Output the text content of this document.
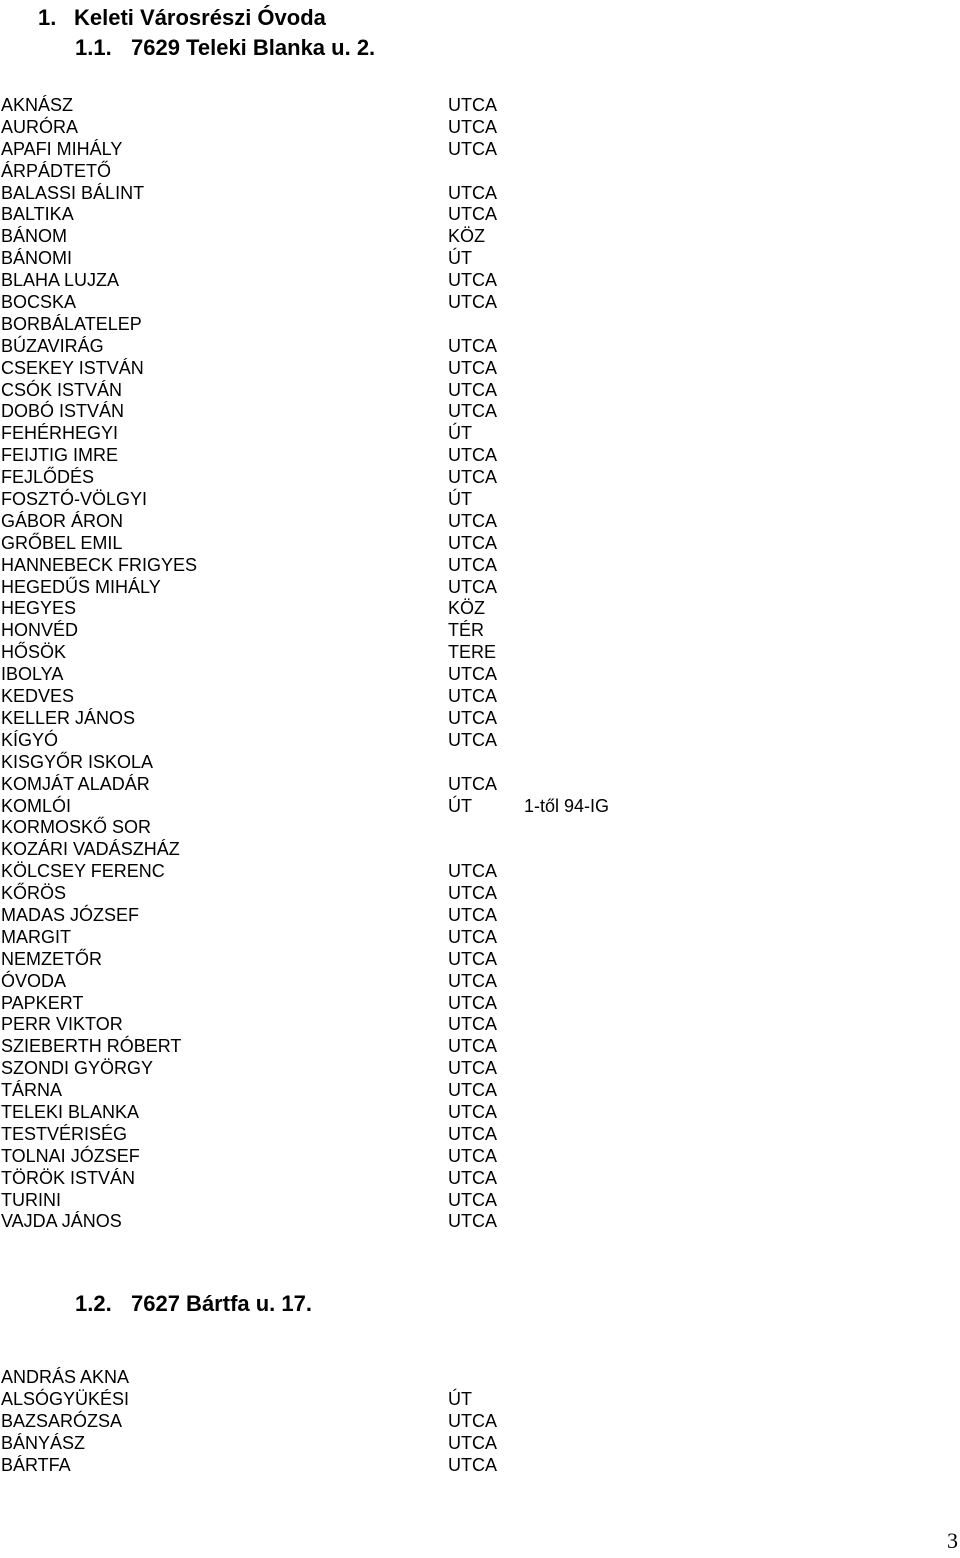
1. Keleti Városrészi Óvoda
1.1. 7629 Teleki Blanka u. 2.
AKNÁSZ	UTCA
AURÓRA	UTCA
APAFI MIHÁLY	UTCA
ÁRPÁDTETŐ
BALASSI BÁLINT	UTCA
BALTIKA	UTCA
BÁNOM	KÖZ
BÁNOMI	ÚT
BLAHA LUJZA	UTCA
BOCSKA	UTCA
BORBÁLATELEP
BÚZAVIRÁG	UTCA
CSEKEY ISTVÁN	UTCA
CSÓK ISTVÁN	UTCA
DOBÓ ISTVÁN	UTCA
FEHÉRHEGYI	ÚT
FEIJTIG IMRE	UTCA
FEJLŐDÉS	UTCA
FOSZTÓ-VÖLGYI	ÚT
GÁBOR ÁRON	UTCA
GRŐBEL EMIL	UTCA
HANNEBECK FRIGYES	UTCA
HEGEDŰS MIHÁLY	UTCA
HEGYES	KÖZ
HONVÉD	TÉR
HŐSÖK	TERE
IBOLYA	UTCA
KEDVES	UTCA
KELLER JÁNOS	UTCA
KÍGYÓ	UTCA
KISGYŐR ISKOLA
KOMJÁT ALADÁR	UTCA
KOMLÓI	ÚT	1-től 94-IG
KORMOSKŐ SOR
KOZÁRI VADÁSZHÁZ
KÖLCSEY FERENC	UTCA
KŐRÖS	UTCA
MADAS JÓZSEF	UTCA
MARGIT	UTCA
NEMZETŐR	UTCA
ÓVODA	UTCA
PAPKERT	UTCA
PERR VIKTOR	UTCA
SZIEBERTH RÓBERT	UTCA
SZONDI GYÖRGY	UTCA
TÁRNA	UTCA
TELEKI BLANKA	UTCA
TESTVÉRISÉG	UTCA
TOLNAI JÓZSEF	UTCA
TÖRÖK ISTVÁN	UTCA
TURINI	UTCA
VAJDA JÁNOS	UTCA
1.2. 7627 Bártfa u. 17.
ANDRÁS AKNA
ALSÓGYÜKÉSI	ÚT
BAZSARÓZSA	UTCA
BÁNYÁSZ	UTCA
BÁRTFA	UTCA
3
